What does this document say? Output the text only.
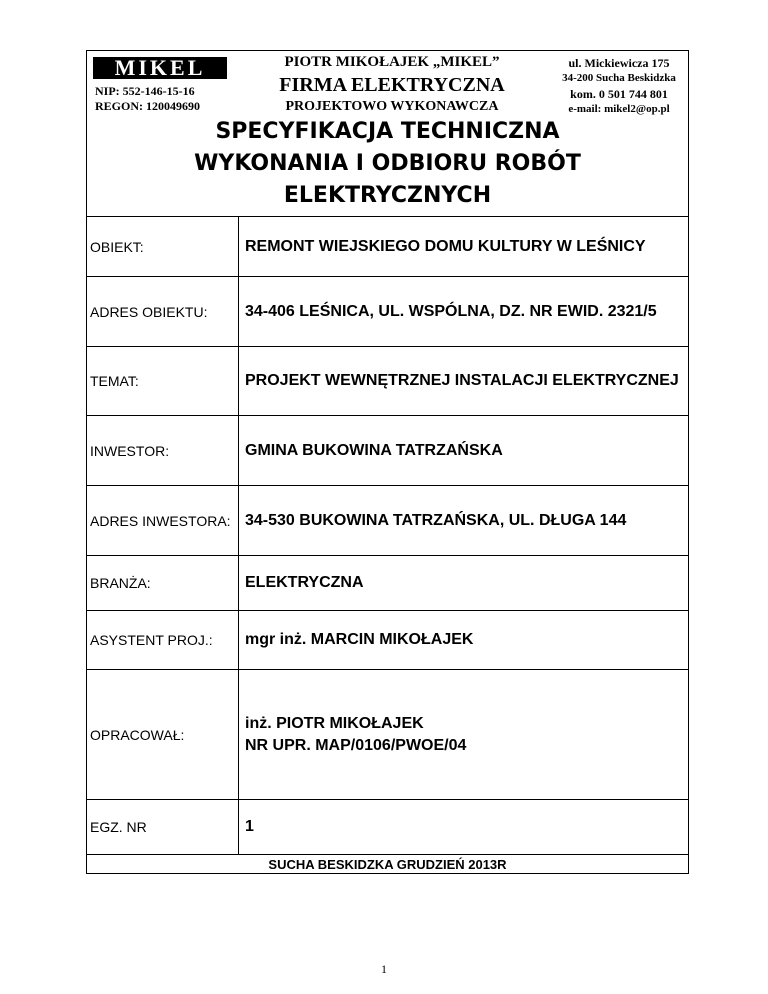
MIKEL
NIP: 552-146-15-16
REGON: 120049690
PIOTR MIKOŁAJEK „MIKEL”
FIRMA ELEKTRYCZNA
PROJEKTOWO WYKONAWCZA
ul. Mickiewicza 175
34-200 Sucha Beskidzka
kom. 0 501 744 801
e-mail: mikel2@op.pl
SPECYFIKACJA TECHNICZNA
WYKONANIA I ODBIORU ROBÓT
ELEKTRYCZNYCH
OBIEKT:	REMONT WIEJSKIEGO DOMU KULTURY W LEŚNICY
ADRES OBIEKTU:	34-406 LEŚNICA, UL. WSPÓLNA, DZ. NR EWID. 2321/5
TEMAT:	PROJEKT WEWNĘTRZNEJ INSTALACJI ELEKTRYCZNEJ
INWESTOR:	GMINA BUKOWINA TATRZAŃSKA
ADRES INWESTORA:	34-530 BUKOWINA TATRZAŃSKA, UL. DŁUGA 144
BRANŻA:	ELEKTRYCZNA
ASYSTENT PROJ.:	mgr inż. MARCIN MIKOŁAJEK
OPRACOWAŁ:	inż. PIOTR MIKOŁAJEK
NR UPR. MAP/0106/PWOE/04

EGZ. NR	1
SUCHA BESKIDZKA GRUDZIEŃ 2013R
1
